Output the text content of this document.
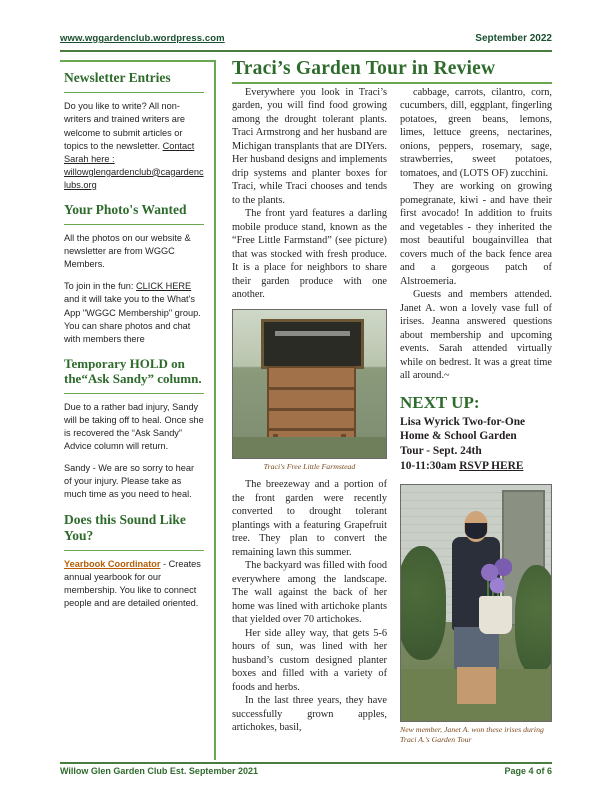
www.wggardenclub.wordpress.com	September 2022
Newsletter Entries

Do you like to write? All non-writers and trained writers are welcome to submit articles or topics to the newsletter. Contact Sarah here :
willowglengardenclub@cagardenclubs.org

Your Photo's Wanted

All the photos on our website & newsletter are from WGGC Members.

To join in the fun: CLICK HERE and it will take you to the What's App "WGGC Membership" group. You can share photos and chat with members there

Temporary HOLD on the“Ask Sandy” column.

Due to a rather bad injury, Sandy will be taking off to heal. Once she is recovered the “Ask Sandy” Advice column will return.

Sandy - We are so sorry to hear of your injury. Please take as much time as you need to heal.

Does this Sound Like You?

Yearbook Coordinator - Creates annual yearbook for our membership. You like to connect people and are detailed oriented.

Traci’s Garden Tour in Review

Everywhere you look in Traci’s garden, you will find food growing among the drought tolerant plants. Traci Armstrong and her husband are Michigan transplants that are DIYers. Her husband designs and implements drip systems and planter boxes for Traci, while Traci chooses and tends to the plants.

The front yard features a darling mobile produce stand, known as the “Free Little Farmstand” (see picture) that was stocked with fresh produce. It is a place for neighbors to share their garden produce with one another.

Traci's Free Little Farmstead

The breezeway and a portion of the front garden were recently converted to drought tolerant plantings with a featuring Grapefruit tree. They plan to convert the remaining lawn this summer.

The backyard was filled with food everywhere among the landscape. The wall against the back of her home was lined with artichoke plants that yielded over 70 artichokes.

Her side alley way, that gets 5-6 hours of sun, was lined with her husband’s custom designed planter boxes and filled with a variety of foods and herbs.

In the last three years, they have successfully grown apples, artichokes, basil,

cabbage, carrots, cilantro, corn, cucumbers, dill, eggplant, fingerling potatoes, green beans, lemons, limes, lettuce greens, nectarines, onions, peppers, rosemary, sage, strawberries, sweet potatoes, tomatoes, and (LOTS OF) zucchini.

They are working on growing pomegranate, kiwi - and have their first avocado! In addition to fruits and vegetables - they inherited the most beautiful bougainvillea that covers much of the back fence area and a gorgeous patch of Alstroemeria.

Guests and members attended. Janet A. won a lovely vase full of irises. Jeanna answered questions about membership and upcoming events. Sarah attended virtually while on bedrest. It was a great time all around.~

NEXT UP:
Lisa Wyrick Two-for-One
Home & School Garden
Tour - Sept. 24th
10-11:30am RSVP HERE
New member, Janet A. won these irises during Traci A.'s Garden Tour
Willow Glen Garden Club Est. September 2021	Page 4 of 6
